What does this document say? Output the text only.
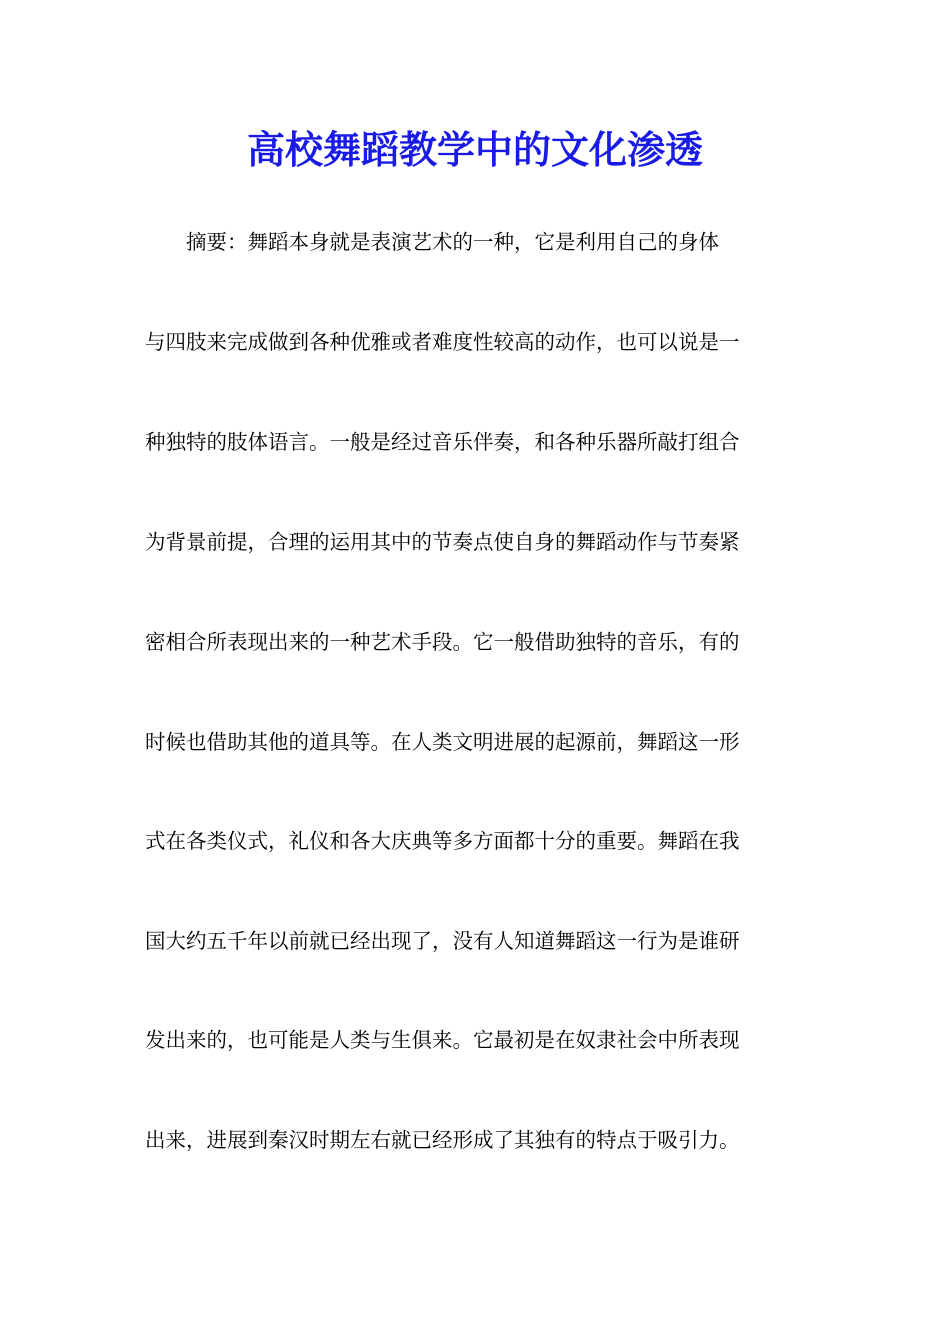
高校舞蹈教学中的文化渗透

　　摘要：舞蹈本身就是表演艺术的一种，它是利用自己的身体

与四肢来完成做到各种优雅或者难度性较高的动作，也可以说是一

种独特的肢体语言。一般是经过音乐伴奏，和各种乐器所敲打组合

为背景前提，合理的运用其中的节奏点使自身的舞蹈动作与节奏紧

密相合所表现出来的一种艺术手段。它一般借助独特的音乐，有的

时候也借助其他的道具等。在人类文明进展的起源前，舞蹈这一形

式在各类仪式，礼仪和各大庆典等多方面都十分的重要。舞蹈在我

国大约五千年以前就已经出现了，没有人知道舞蹈这一行为是谁研

发出来的，也可能是人类与生俱来。它最初是在奴隶社会中所表现

出来，进展到秦汉时期左右就已经形成了其独有的特点于吸引力。
